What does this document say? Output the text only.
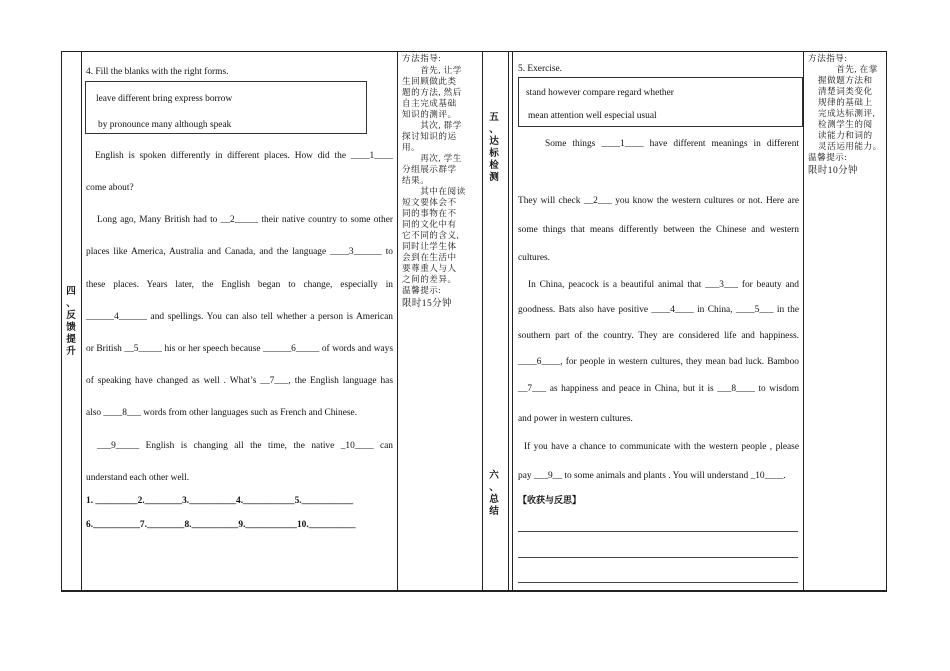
四
、
反
馈
提
升
4. Fill the blanks with the right forms.
leave different bring express borrow
by pronounce many although speak
English is spoken differently in different places. How did the ____1____
come about?
Long ago, Many British had to __2_____ their native country to some other
places like America, Australia and Canada, and the language ____3______ to
these places. Years later, the English began to change, especially in
______4______ and spellings. You can also tell whether a person is American
or British __5_____ his or her speech because ______6_____ of words and ways
of speaking have changed as well . What’s __7___, the English language has
also ____8___ words from other languages such as French and Chinese.
___9_____ English is changing all the time, the native _10____ can
understand each other well.
1. _________2.________3.__________4.___________5.___________
6.__________7.________8.__________9.___________10.__________
方法指导:
　　首先, 让学
生回顾做此类
题的方法, 然后
自主完成基础
知识的测评。
　　其次, 群学
探讨知识的运
用。
　　再次, 学生
分组展示群学
结果。
　　其中在阅读
短文要体会不
同的事物在不
同的文化中有
它不同的含义,
同时让学生体
会到在生活中
要尊重人与人
之间的差异。
温馨提示:
限时15分钟
五
、
达
标
检
测
六
、
总
结
5. Exercise.
stand however compare regard whether
mean attention well especial usual
Some things ____1____ have different meanings in different
They will check __2___ you know the western cultures or not. Here are
some things that means differently between the Chinese and western
cultures.
In China, peacock is a beautiful animal that ___3___ for beauty and
goodness. Bats also have positive ____4____ in China, ____5___ in the
southern part of the country. They are considered life and happiness.
____6____, for people in western cultures, they mean bad luck. Bamboo
__7___ as happiness and peace in China, but it is ___8____ to wisdom
and power in western cultures.
If you have a chance to communicate with the western people , please
pay ___9__ to some animals and plants . You will understand _10____.
【收获与反思】
方法指导:
　　首先, 在掌
握做题方法和
清楚词类变化
规律的基础上
完成达标测评,
检测学生的阅
读能力和词的
灵活运用能力。
温馨提示:
限时10分钟
